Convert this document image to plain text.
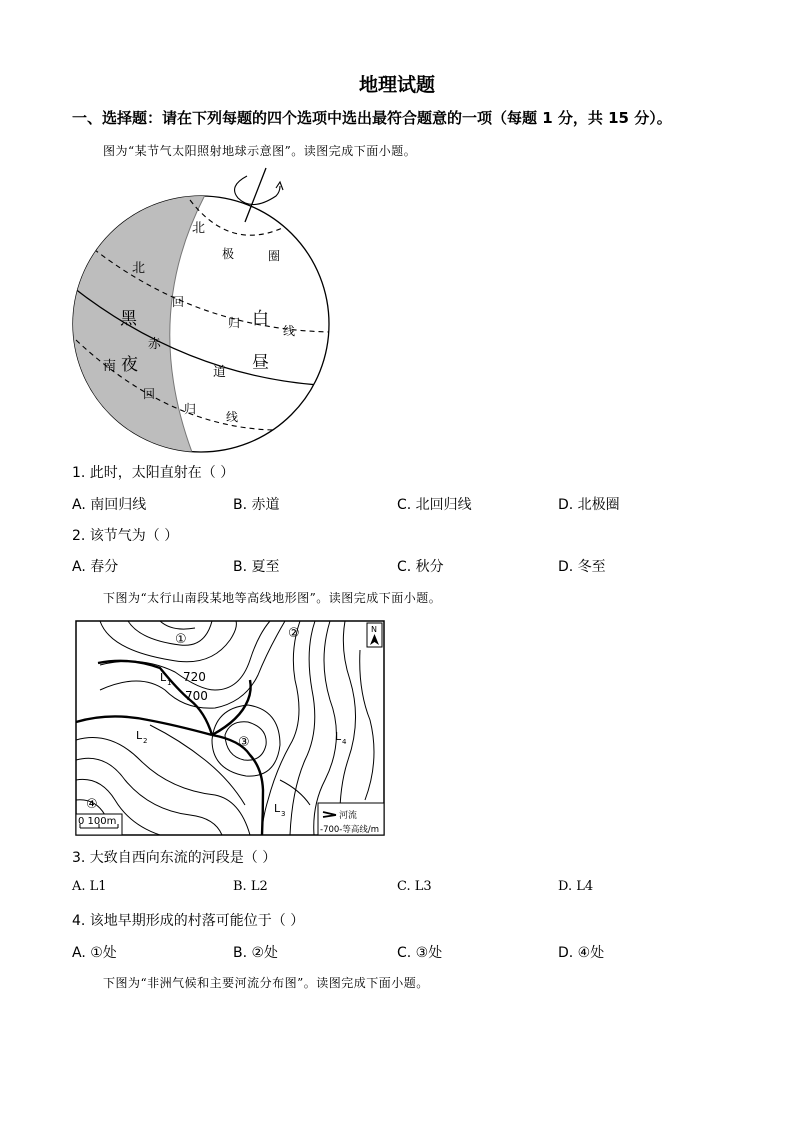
地理试题
一、选择题：请在下列每题的四个选项中选出最符合题意的一项（每题 1 分，共 15 分）。
图为“某节气太阳照射地球示意图”。读图完成下面小题。
北
极	圈
北
回
归
线
黑	白
赤
南 夜	昼
道
回
归
线
1. 此时，太阳直射在（ ）
A. 南回归线	B. 赤道	C. 北回归线	D. 北极圈
2. 该节气为（ ）
A. 春分	B. 夏至	C. 秋分	D. 冬至
下图为“太行山南段某地等高线地形图”。读图完成下面小题。
①	②
③
④
720
700
L 1
L 2
L 3
L 4
N
0 100m	河流
-700-等高线/m
3. 大致自西向东流的河段是（ ）
A. L1	B. L2	C. L3	D. L4
4. 该地早期形成的村落可能位于（ ）
A. ①处	B. ②处	C. ③处	D. ④处
下图为“非洲气候和主要河流分布图”。读图完成下面小题。
